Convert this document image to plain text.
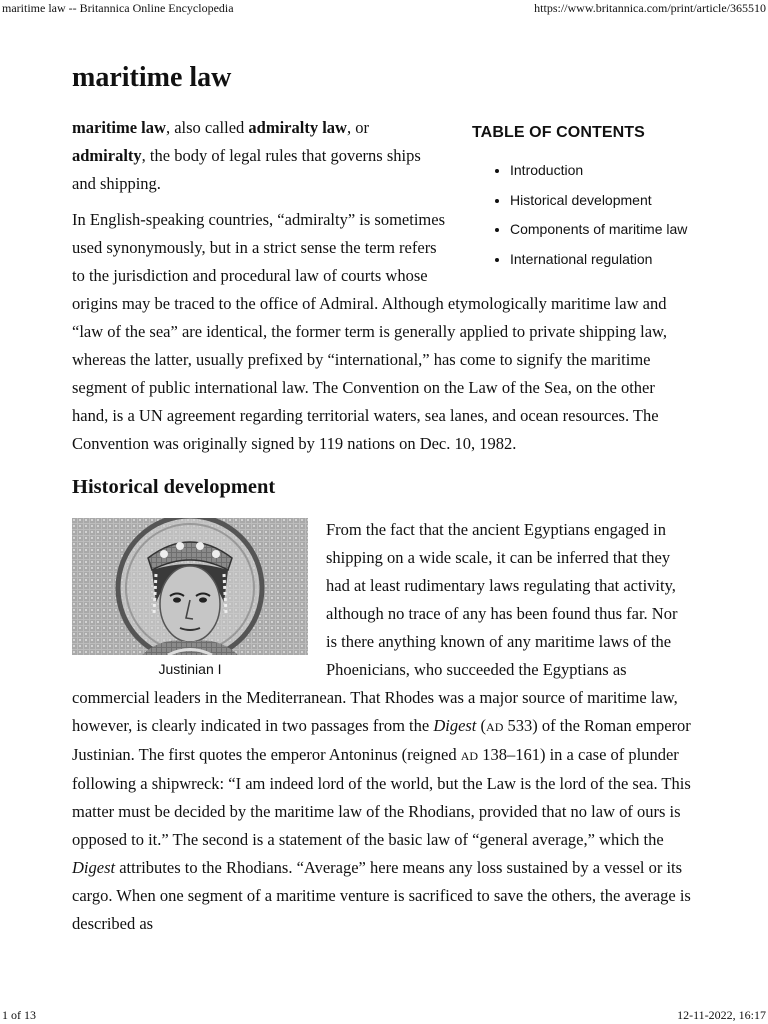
maritime law -- Britannica Online Encyclopedia	https://www.britannica.com/print/article/365510
maritime law
TABLE OF CONTENTS
• Introduction
• Historical development
• Components of maritime law
• International regulation

maritime law, also called admiralty law, or admiralty, the body of legal rules that governs ships and shipping.

In English-speaking countries, “admiralty” is sometimes used synonymously, but in a strict sense the term refers to the jurisdiction and procedural law of courts whose origins may be traced to the office of Admiral. Although etymologically maritime law and “law of the sea” are identical, the former term is generally applied to private shipping law, whereas the latter, usually prefixed by “international,” has come to signify the maritime segment of public international law. The Convention on the Law of the Sea, on the other hand, is a UN agreement regarding territorial waters, sea lanes, and ocean resources. The Convention was originally signed by 119 nations on Dec. 10, 1982.

Historical development
Justinian I

From the fact that the ancient Egyptians engaged in shipping on a wide scale, it can be inferred that they had at least rudimentary laws regulating that activity, although no trace of any has been found thus far. Nor is there anything known of any maritime laws of the Phoenicians, who succeeded the Egyptians as commercial leaders in the Mediterranean. That Rhodes was a major source of maritime law, however, is clearly indicated in two passages from the Digest (AD 533) of the Roman emperor Justinian. The first quotes the emperor Antoninus (reigned AD 138–161) in a case of plunder following a shipwreck: “I am indeed lord of the world, but the Law is the lord of the sea. This matter must be decided by the maritime law of the Rhodians, provided that no law of ours is opposed to it.” The second is a statement of the basic law of “general average,” which the Digest attributes to the Rhodians. “Average” here means any loss sustained by a vessel or its cargo. When one segment of a maritime venture is sacrificed to save the others, the average is described as

1 of 13	12-11-2022, 16:17
